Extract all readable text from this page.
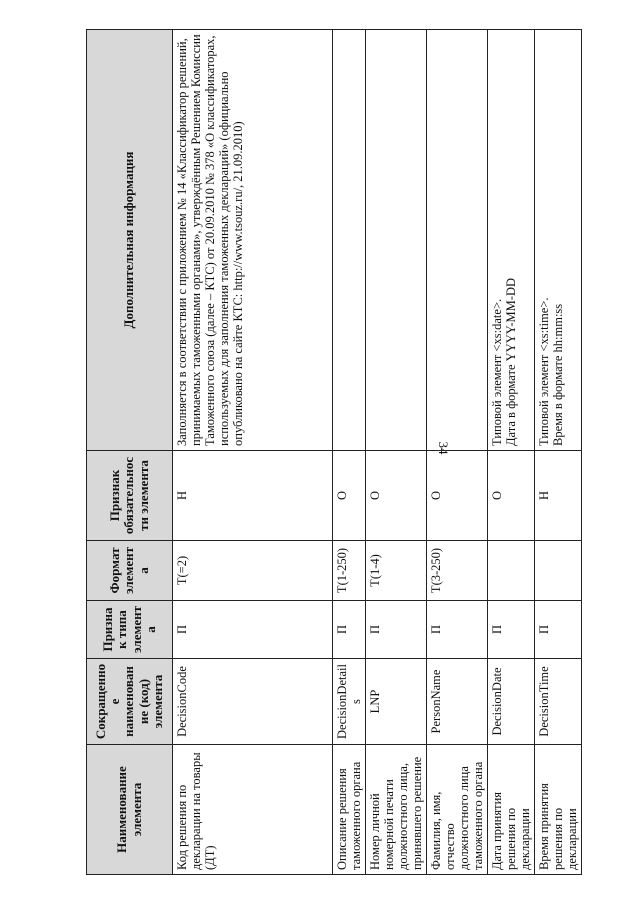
34
Наименование элемента	Сокращенное наименование (код) элемента	Признак типа элемента	Формат элемента	Признак обязательности элемента	Дополнительная информация
Код решения по декларации на товары (ДТ)	DecisionCode	П	T(=2)	Н	Заполняется в соответствии с приложением № 14 «Классификатор решений, принимаемых таможенными органами», утверждённым Решением Комиссии Таможенного союза (далее – КТС) от 20.09.2010 № 378 «О классификаторах, используемых для заполнения таможенных деклараций» (официально опубликовано на сайте КТС: http://www.tsouz.ru/, 21.09.2010)
Описание решения таможенного органа	DecisionDetails	П	T(1-250)	О	
Номер личной номерной печати должностного лица, принявшего решение	LNP	П	T(1-4)	О	
Фамилия, имя, отчество должностного лица таможенного органа	PersonName	П	T(3-250)	О	
Дата принятия решения по декларации	DecisionDate	П		О	Типовой элемент <xs:date>.
Дата в формате YYYY-MM-DD
Время принятия решения по декларации	DecisionTime	П		Н	Типовой элемент <xs:time>.
Время в формате hh:mm:ss
